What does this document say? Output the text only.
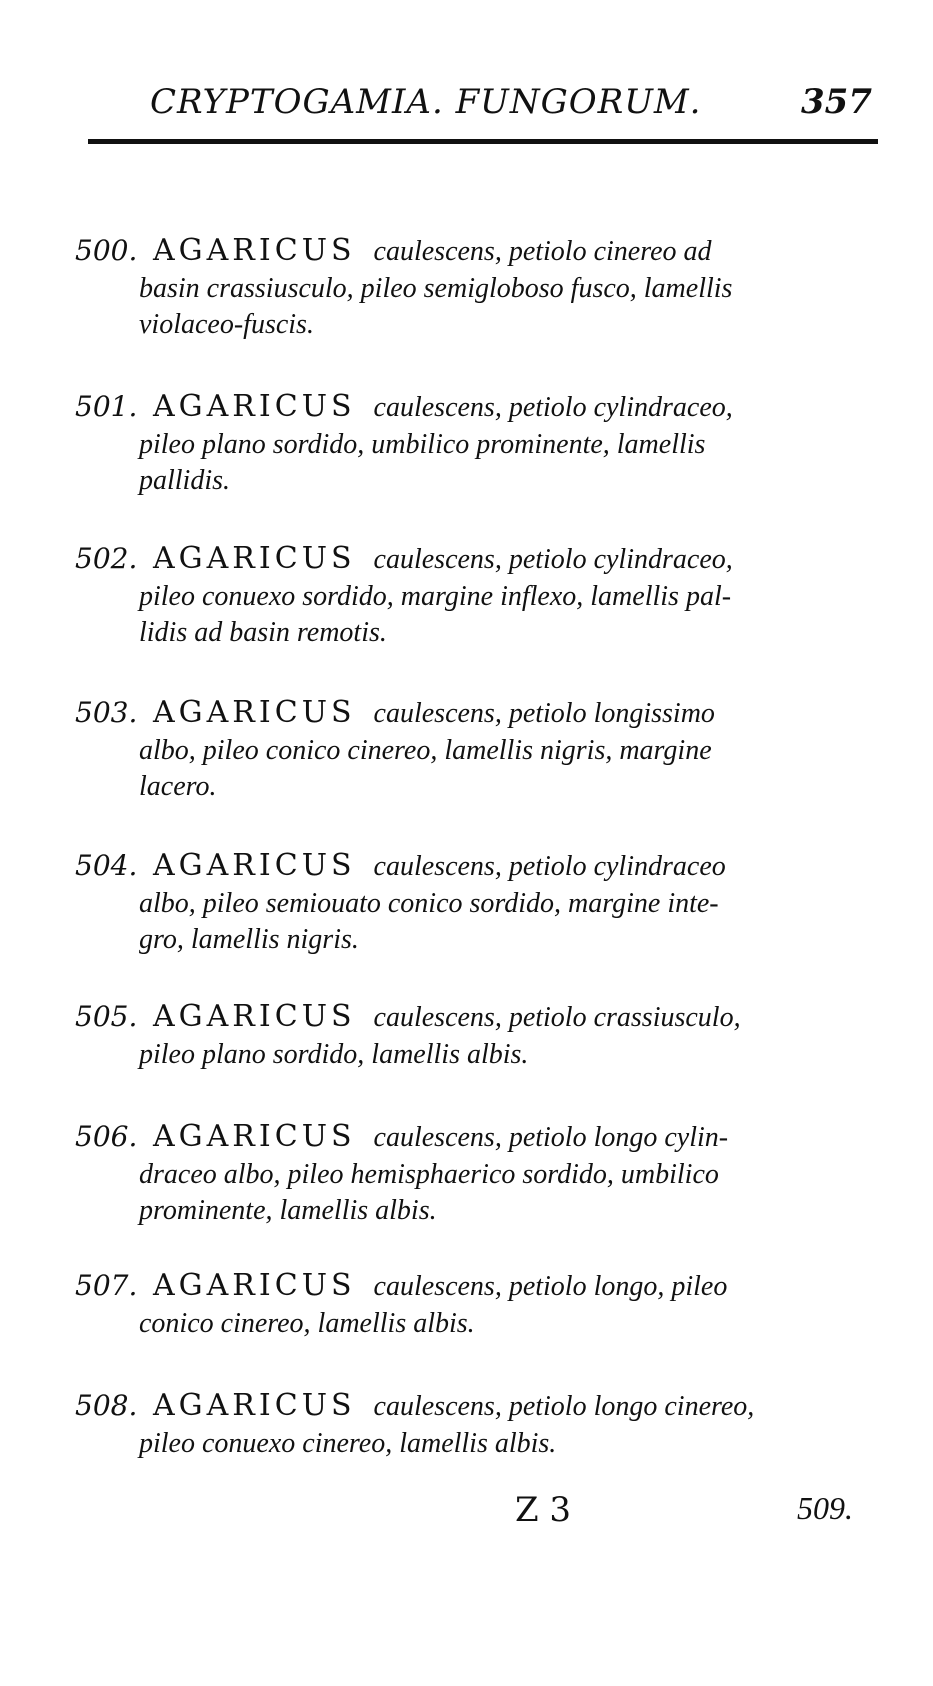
CRYPTOGAMIA. FUNGORUM.	357
500. AGARICUS caulescens, petiolo cinereo ad
basin crassiusculo, pileo semigloboso fusco, lamellis
violaceo-fuscis.
501. AGARICUS caulescens, petiolo cylindraceo,
pileo plano sordido, umbilico prominente, lamellis
pallidis.
502. AGARICUS caulescens, petiolo cylindraceo,
pileo conuexo sordido, margine inflexo, lamellis pal-
lidis ad basin remotis.
503. AGARICUS caulescens, petiolo longissimo
albo, pileo conico cinereo, lamellis nigris, margine
lacero.
504. AGARICUS caulescens, petiolo cylindraceo
albo, pileo semiouato conico sordido, margine inte-
gro, lamellis nigris.
505. AGARICUS caulescens, petiolo crassiusculo,
pileo plano sordido, lamellis albis.
506. AGARICUS caulescens, petiolo longo cylin-
draceo albo, pileo hemisphaerico sordido, umbilico
prominente, lamellis albis.
507. AGARICUS caulescens, petiolo longo, pileo
conico cinereo, lamellis albis.
508. AGARICUS caulescens, petiolo longo cinereo,
pileo conuexo cinereo, lamellis albis.
Z 3	509.
